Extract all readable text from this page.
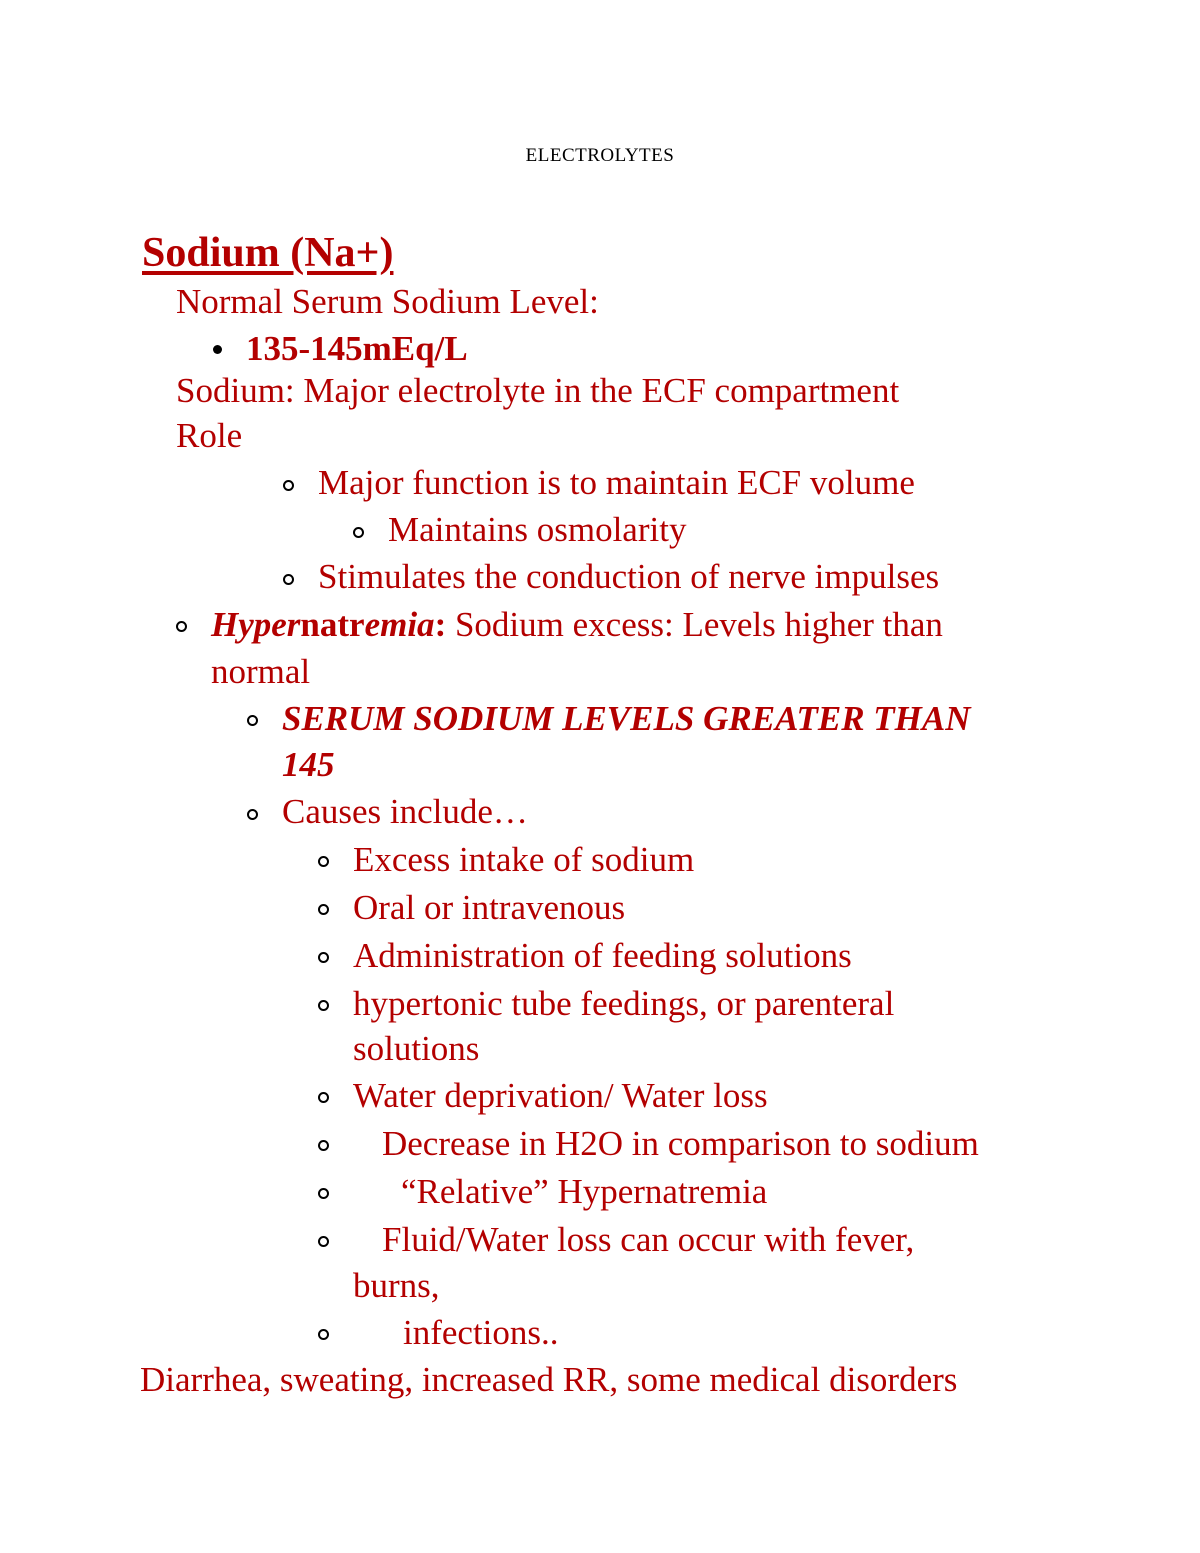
ELECTROLYTES
Sodium (Na+)
Normal Serum Sodium Level:
135-145mEq/L
Sodium: Major electrolyte in the ECF compartment
Role
Major function is to maintain ECF volume
Maintains osmolarity
Stimulates the conduction of nerve impulses
Hypernatremia: Sodium excess: Levels higher than
normal
SERUM SODIUM LEVELS GREATER THAN
145
Causes include…
Excess intake of sodium
Oral or intravenous
Administration of feeding solutions
hypertonic tube feedings, or parenteral
solutions
Water deprivation/ Water loss
Decrease in H2O in comparison to sodium
“Relative” Hypernatremia
Fluid/Water loss can occur with fever,
burns,
infections..
Diarrhea, sweating, increased RR, some medical disorders
